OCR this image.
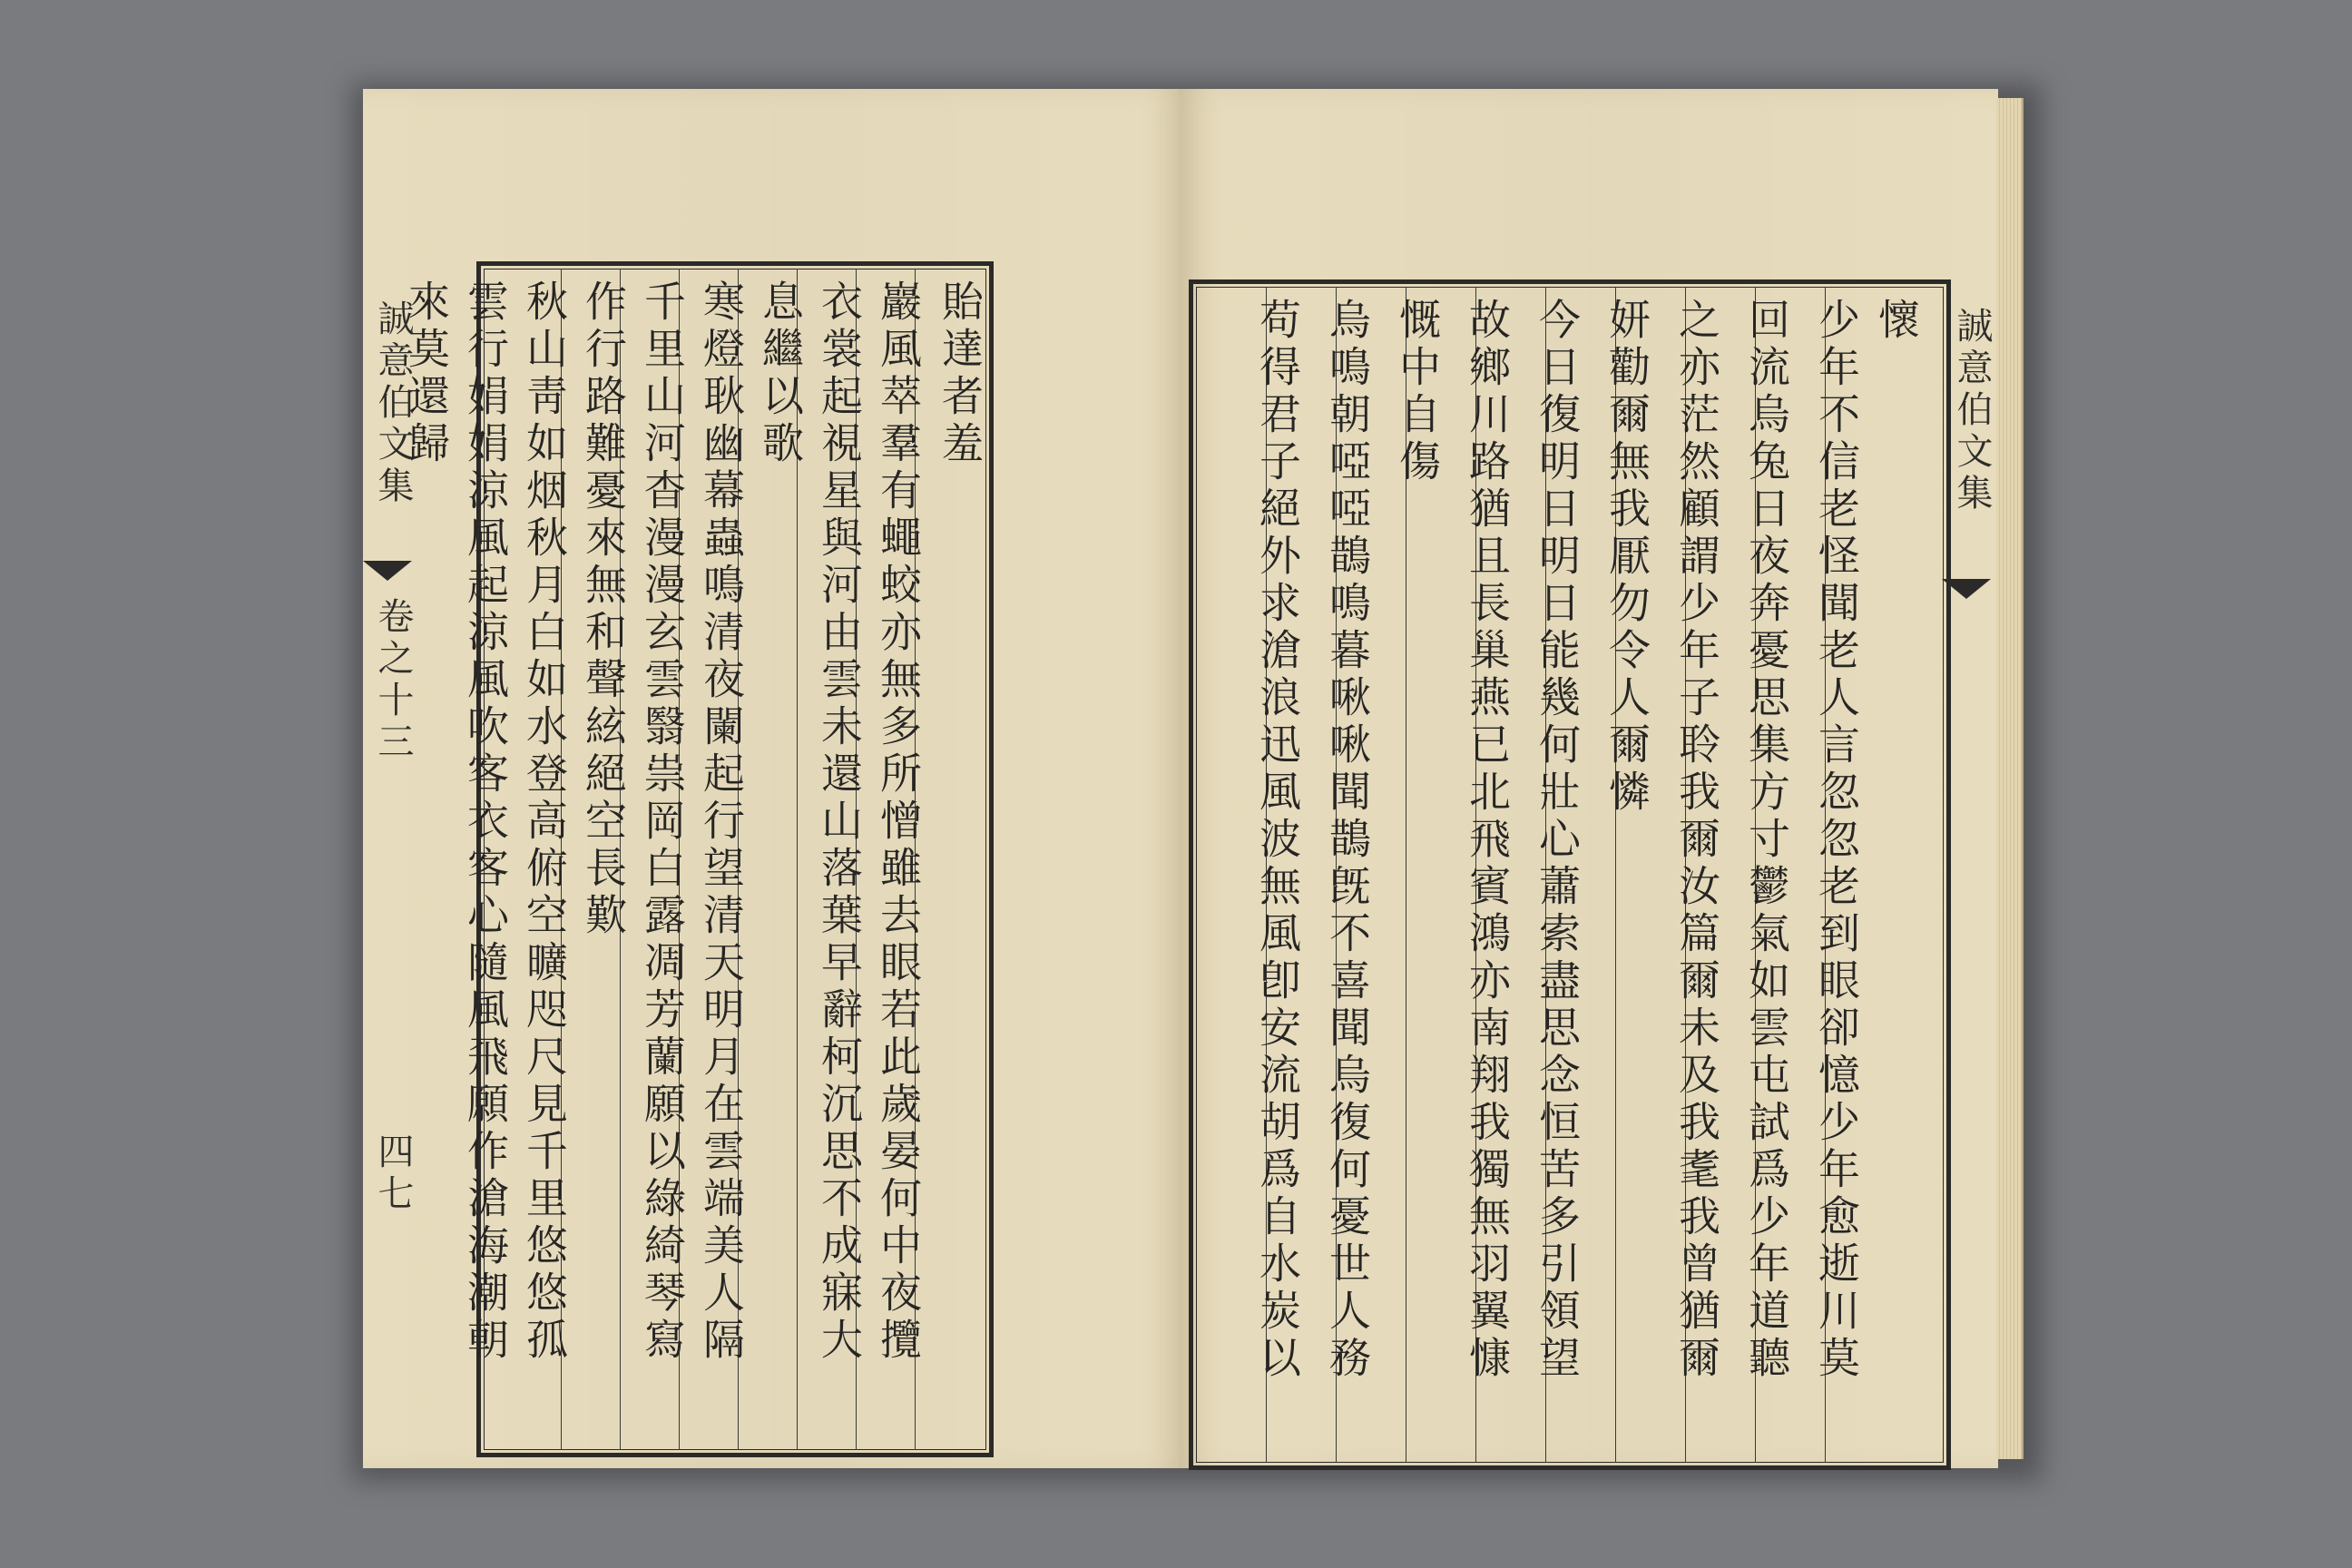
貽達者羞
巖風萃羣有蠅蛟亦無多所憎雖去眼若此歲晏何中夜攬
衣裳起視星與河由雲未還山落葉早辭柯沉思不成寐大
息繼以歌
寒燈耿幽幕蟲鳴清夜闌起行望清天明月在雲端美人隔
千里山河杳漫漫玄雲翳祟岡白露凋芳蘭願以綠綺琴寫
作行路難憂來無和聲絃絕空長歎
秋山靑如烟秋月白如水登高俯空曠咫尺見千里悠悠孤
雲行娟娟涼風起涼風吹客衣客心隨風飛願作滄海潮朝
來莫還歸
誠意伯文集
卷之十三
四七
懷
少年不信老怪聞老人言忽忽老到眼卻憶少年愈逝川莫
回流烏兔日夜奔憂思集方寸鬱氣如雲屯試爲少年道聽
之亦茫然顧謂少年子聆我爾汝篇爾未及我耄我曾猶爾
妍勸爾無我厭勿令人爾憐
今日復明日明日能幾何壯心蕭索盡思念恒苦多引領望
故鄉川路猶且長巢燕已北飛賓鴻亦南翔我獨無羽翼慷
慨中自傷
烏鳴朝啞啞鵲鳴暮啾啾聞鵲旣不喜聞烏復何憂世人務
苟得君子絕外求滄浪迅風波無風卽安流胡爲自水炭以	誠意伯文集
